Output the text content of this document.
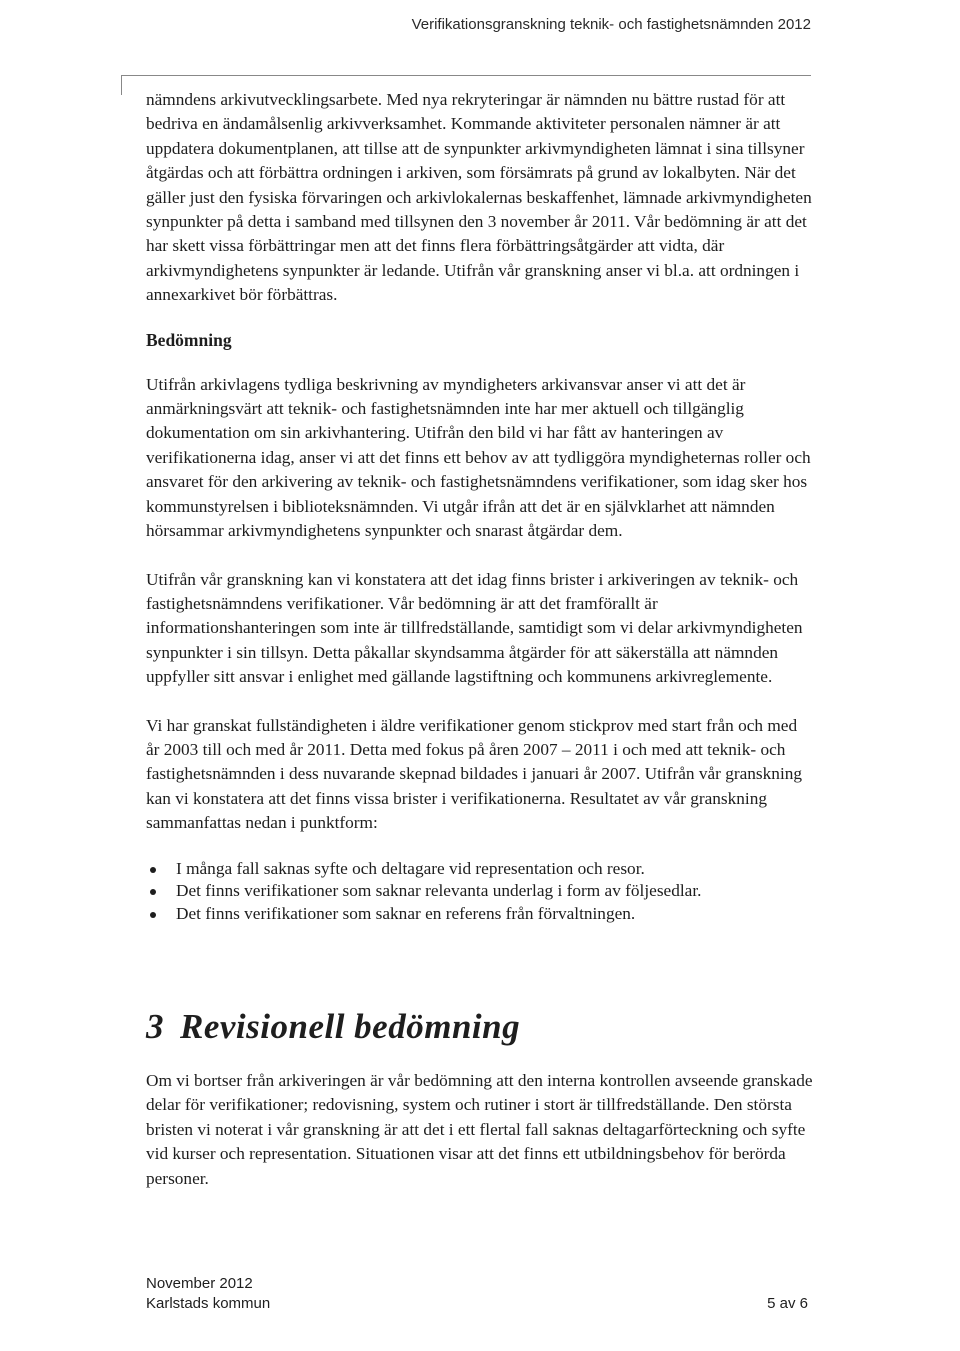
Verifikationsgranskning teknik- och fastighetsnämnden 2012

nämndens arkivutvecklingsarbete. Med nya rekryteringar är nämnden nu bättre rustad för att bedriva en ändamålsenlig arkivverksamhet. Kommande aktiviteter personalen nämner är att uppdatera dokumentplanen, att tillse att de synpunkter arkivmyndigheten lämnat i sina tillsyner åtgärdas och att förbättra ordningen i arkiven, som försämrats på grund av lokalbyten. När det gäller just den fysiska förvaringen och arkivlokalernas beskaffenhet, lämnade arkivmyndigheten synpunkter på detta i samband med tillsynen den 3 november år 2011. Vår bedömning är att det har skett vissa förbättringar men att det finns flera förbättringsåtgärder att vidta, där arkivmyndighetens synpunkter är ledande. Utifrån vår granskning anser vi bl.a. att ordningen i annexarkivet bör förbättras.

Bedömning

Utifrån arkivlagens tydliga beskrivning av myndigheters arkivansvar anser vi att det är anmärkningsvärt att teknik- och fastighetsnämnden inte har mer aktuell och tillgänglig dokumentation om sin arkivhantering. Utifrån den bild vi har fått av hanteringen av verifikationerna idag, anser vi att det finns ett behov av att tydliggöra myndigheternas roller och ansvaret för den arkivering av teknik- och fastighetsnämndens verifikationer, som idag sker hos kommunstyrelsen i biblioteksnämnden. Vi utgår ifrån att det är en självklarhet att nämnden hörsammar arkivmyndighetens synpunkter och snarast åtgärdar dem.

Utifrån vår granskning kan vi konstatera att det idag finns brister i arkiveringen av teknik- och fastighetsnämndens verifikationer. Vår bedömning är att det framförallt är informationshanteringen som inte är tillfredställande, samtidigt som vi delar arkivmyndigheten synpunkter i sin tillsyn. Detta påkallar skyndsamma åtgärder för att säkerställa att nämnden uppfyller sitt ansvar i enlighet med gällande lagstiftning och kommunens arkivreglemente.

Vi har granskat fullständigheten i äldre verifikationer genom stickprov med start från och med år 2003 till och med år 2011. Detta med fokus på åren 2007 – 2011 i och med att teknik- och fastighetsnämnden i dess nuvarande skepnad bildades i januari år 2007. Utifrån vår granskning kan vi konstatera att det finns vissa brister i verifikationerna. Resultatet av vår granskning sammanfattas nedan i punktform:

I många fall saknas syfte och deltagare vid representation och resor.
Det finns verifikationer som saknar relevanta underlag i form av följesedlar.
Det finns verifikationer som saknar en referens från förvaltningen.
3 Revisionell bedömning

Om vi bortser från arkiveringen är vår bedömning att den interna kontrollen avseende granskade delar för verifikationer; redovisning, system och rutiner i stort är tillfredställande. Den största bristen vi noterat i vår granskning är att det i ett flertal fall saknas deltagarförteckning och syfte vid kurser och representation. Situationen visar att det finns ett utbildningsbehov för berörda personer.

November 2012
Karlstads kommun	5 av 6
